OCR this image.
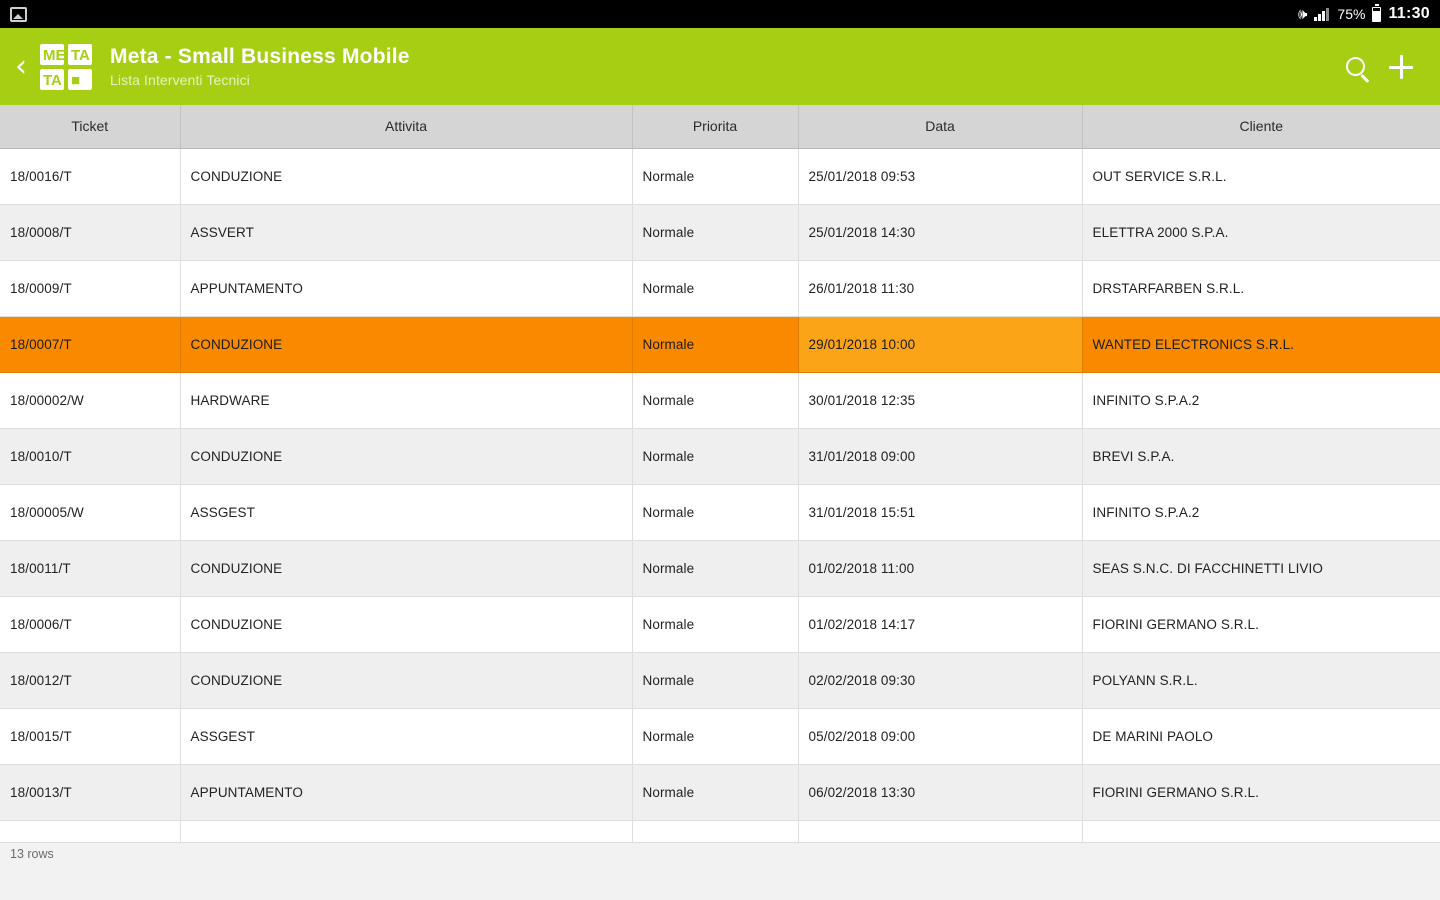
🕪 75% 11:30
‹	ME TA
TA ■
Meta - Small Business Mobile
Lista Interventi Tecnici
Ticket	Attivita	Priorita	Data	Cliente
18/0016/T	CONDUZIONE	Normale	25/01/2018 09:53	OUT SERVICE S.R.L.
18/0008/T	ASSVERT	Normale	25/01/2018 14:30	ELETTRA 2000 S.P.A.
18/0009/T	APPUNTAMENTO	Normale	26/01/2018 11:30	DRSTARFARBEN S.R.L.
18/0007/T	CONDUZIONE	Normale	29/01/2018 10:00	WANTED ELECTRONICS S.R.L.
18/00002/W	HARDWARE	Normale	30/01/2018 12:35	INFINITO S.P.A.2
18/0010/T	CONDUZIONE	Normale	31/01/2018 09:00	BREVI S.P.A.
18/00005/W	ASSGEST	Normale	31/01/2018 15:51	INFINITO S.P.A.2
18/0011/T	CONDUZIONE	Normale	01/02/2018 11:00	SEAS S.N.C. DI FACCHINETTI LIVIO
18/0006/T	CONDUZIONE	Normale	01/02/2018 14:17	FIORINI GERMANO S.R.L.
18/0012/T	CONDUZIONE	Normale	02/02/2018 09:30	POLYANN S.R.L.
18/0015/T	ASSGEST	Normale	05/02/2018 09:00	DE MARINI PAOLO
18/0013/T	APPUNTAMENTO	Normale	06/02/2018 13:30	FIORINI GERMANO S.R.L.

13 rows
